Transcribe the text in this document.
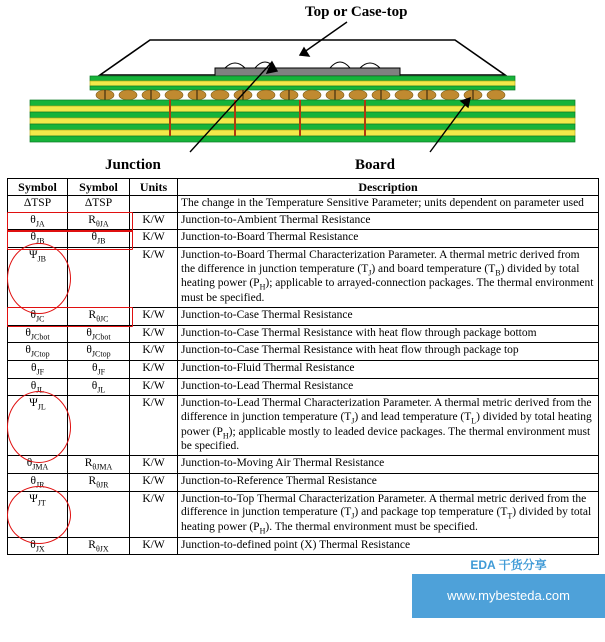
Top or Case-top
Junction	Board
Symbol	Symbol	Units	Description
ΔTSP	ΔTSP		The change in the Temperature Sensitive Parameter; units dependent on parameter used
$\theta_{JA}$	$R_{\theta JA}$	K/W	Junction-to-Ambient Thermal Resistance
$\theta_{JB}$	$\theta_{JB}$	K/W	Junction-to-Board Thermal Resistance
$\Psi_{JB}$		K/W	Junction-to-Board Thermal Characterization Parameter. A thermal metric derived from the difference in junction temperature $(T_J)$ and board temperature $(T_B)$ divided by total heating power $(P_H)$; applicable to arrayed-connection packages. The thermal environment must be specified.
$\theta_{JC}$	$R_{\theta JC}$	K/W	Junction-to-Case Thermal Resistance
$\theta_{JCbot}$	$\theta_{JCbot}$	K/W	Junction-to-Case Thermal Resistance with heat flow through package bottom
$\theta_{JCtop}$	$\theta_{JCtop}$	K/W	Junction-to-Case Thermal Resistance with heat flow through package top
$\theta_{JF}$	$\theta_{JF}$	K/W	Junction-to-Fluid Thermal Resistance
$\theta_{JL}$	$\theta_{JL}$	K/W	Junction-to-Lead Thermal Resistance
$\Psi_{JL}$		K/W	Junction-to-Lead Thermal Characterization Parameter. A thermal metric derived from the difference in junction temperature $(T_J)$ and lead temperature $(T_L)$ divided by total heating power $(P_H)$; applicable mostly to leaded device packages. The thermal environment must be specified.
$\theta_{JMA}$	$R_{\theta JMA}$	K/W	Junction-to-Moving Air Thermal Resistance
$\theta_{JR}$	$R_{\theta JR}$	K/W	Junction-to-Reference Thermal Resistance
$\Psi_{JT}$		K/W	Junction-to-Top Thermal Characterization Parameter. A thermal metric derived from the difference in junction temperature $(T_J)$ and package top temperature $(T_T)$ divided by total heating power $(P_H)$. The thermal environment must be specified.
$\theta_{JX}$	$R_{\theta JX}$	K/W	Junction-to-defined point (X) Thermal Resistance
EDA 干货分享
www.mybesteda.com
